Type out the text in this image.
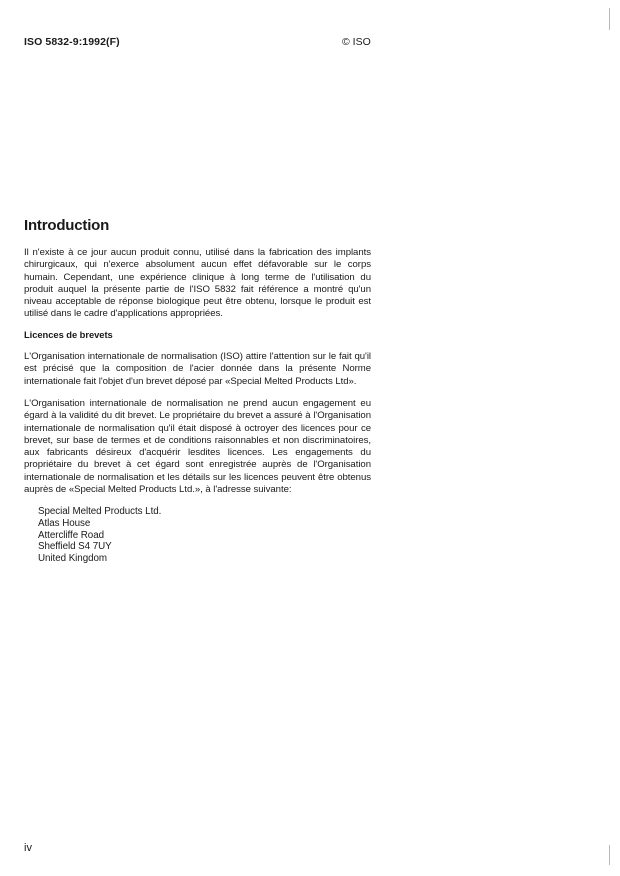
ISO 5832-9:1992(F)	© ISO
Introduction

Il n'existe à ce jour aucun produit connu, utilisé dans la fabrication des implants chirurgicaux, qui n'exerce absolument aucun effet défavorable sur le corps humain. Cependant, une expérience clinique à long terme de l'utilisation du produit auquel la présente partie de l'ISO 5832 fait référence a montré qu'un niveau acceptable de réponse biologique peut être obtenu, lorsque le produit est utilisé dans le cadre d'applications appropriées.

Licences de brevets

L'Organisation internationale de normalisation (ISO) attire l'attention sur le fait qu'il est précisé que la composition de l'acier donnée dans la présente Norme internationale fait l'objet d'un brevet déposé par «Special Melted Products Ltd».

L'Organisation internationale de normalisation ne prend aucun engagement eu égard à la validité du dit brevet. Le propriétaire du brevet a assuré à l'Organisation internationale de normalisation qu'il était disposé à octroyer des licences pour ce brevet, sur base de termes et de conditions raisonnables et non discriminatoires, aux fabricants désireux d'acquérir lesdites licences. Les engagements du propriétaire du brevet à cet égard sont enregistrée auprès de l'Organisation internationale de normalisation et les détails sur les licences peuvent être obtenus auprès de «Special Melted Products Ltd.», à l'adresse suivante:

Special Melted Products Ltd.
Atlas House
Attercliffe Road
Sheffield S4 7UY
United Kingdom
iv
